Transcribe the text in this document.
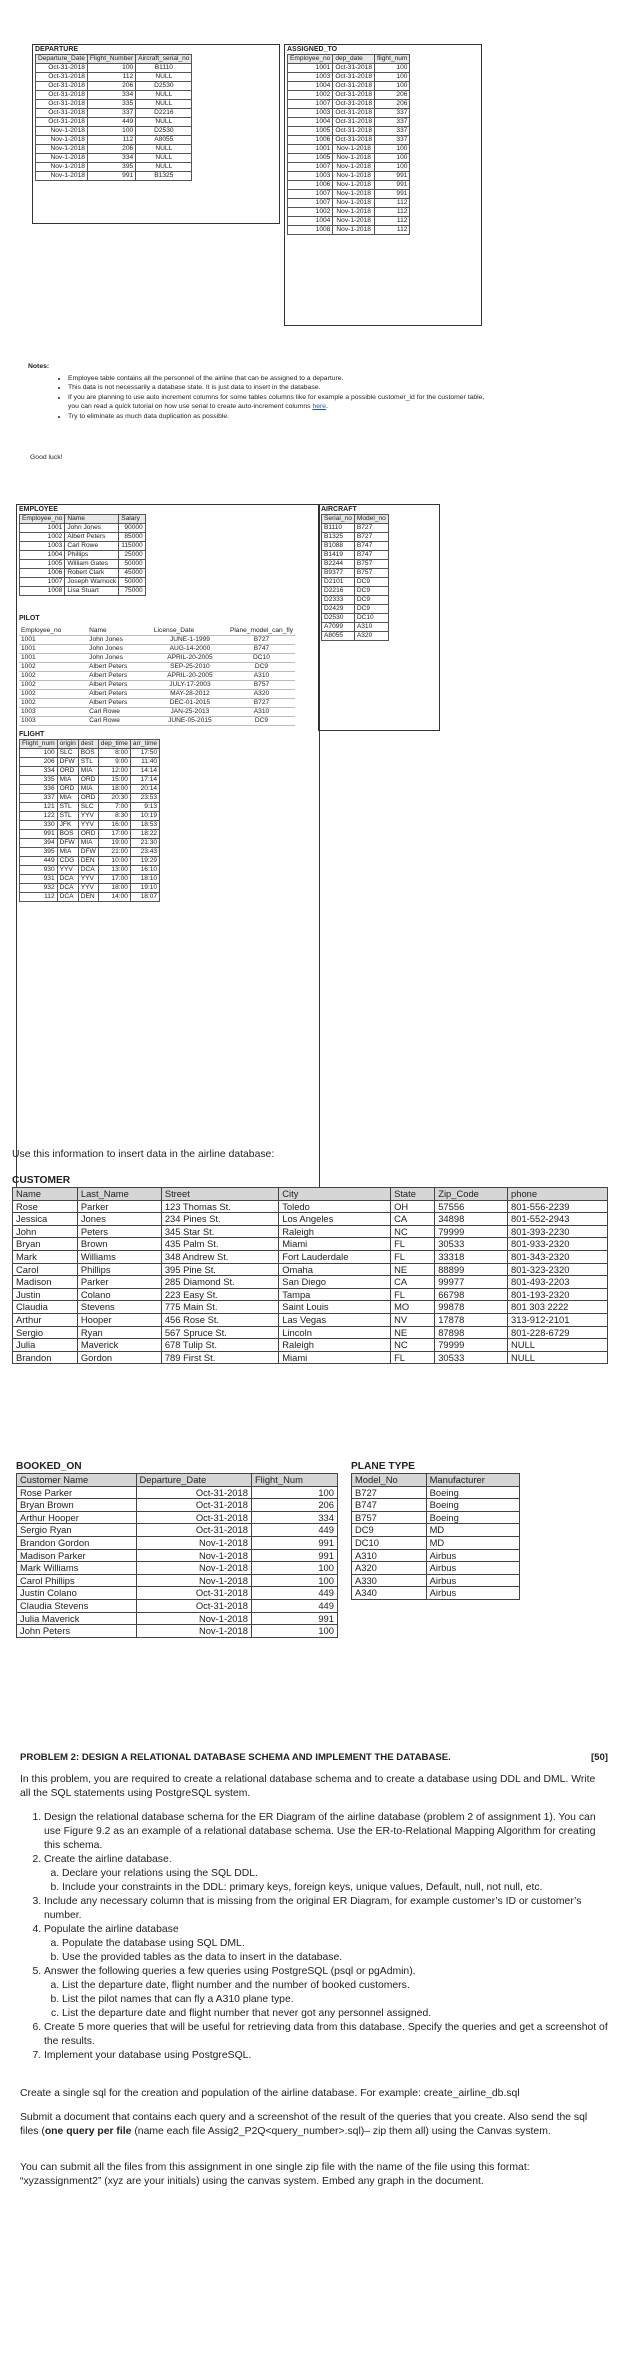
DEPARTURE
Departure_Date	Flight_Number	Aircraft_serial_no
Oct-31-2018	100	B1110
Oct-31-2018	112	NULL
Oct-31-2018	206	D2530
Oct-31-2018	334	NULL
Oct-31-2018	335	NULL
Oct-31-2018	337	D2216
Oct-31-2018	449	NULL
Nov-1-2018	100	D2530
Nov-1-2018	112	A8055
Nov-1-2018	206	NULL
Nov-1-2018	334	NULL
Nov-1-2018	395	NULL
Nov-1-2018	991	B1325
ASSIGNED_TO
Employee_no	dep_date	flight_num
1001	Oct-31-2018	100
1003	Oct-31-2018	100
1004	Oct-31-2018	100
1002	Oct-31-2018	206
1007	Oct-31-2018	206
1003	Oct-31-2018	337
1004	Oct-31-2018	337
1005	Oct-31-2018	337
1006	Oct-31-2018	337
1001	Nov-1-2018	100
1005	Nov-1-2018	100
1007	Nov-1-2018	100
1003	Nov-1-2018	991
1006	Nov-1-2018	991
1007	Nov-1-2018	991
1007	Nov-1-2018	112
1002	Nov-1-2018	112
1004	Nov-1-2018	112
1008	Nov-1-2018	112
Notes:
• Employee table contains all the personnel of the airline that can be assigned to a departure.
• This data is not necessarily a database state. It is just data to insert in the database.
• If you are planning to use auto increment columns for some tables columns like for example a possible customer_id for the customer table, you can read a quick tutorial on how use serial to create auto-increment columns here.
• Try to eliminate as much data duplication as possible.
Good luck!
EMPLOYEE
Employee_no	Name	Salary
1001	John Jones	90000
1002	Albert Peters	85000
1003	Carl Rowe	115000
1004	Phillips	25000
1005	William Gates	50000
1006	Robert Clark	45000
1007	Joseph Warnock	50000
1008	Lisa Stuart	75000
PILOT
Employee_no	Name	License_Date	Plane_model_can_fly
1001	John Jones	JUNE-1-1999	B727
1001	John Jones	AUG-14-2000	B747
1001	John Jones	APRIL-20-2005	DC10
1002	Albert Peters	SEP-25-2010	DC9
1002	Albert Peters	APRIL-20-2005	A310
1002	Albert Peters	JULY-17-2003	B757
1002	Albert Peters	MAY-28-2012	A320
1002	Albert Peters	DEC-01-2015	B727
1003	Carl Rowe	JAN-25-2013	A310
1003	Carl Rowe	JUNE-05-2015	DC9
FLIGHT
Flight_num	origin	dest	dep_time	arr_time
100	SLC	BOS	8:00	17:50
206	DFW	STL	9:00	11:40
334	ORD	MIA	12:00	14:14
335	MIA	ORD	15:00	17:14
336	ORD	MIA	18:00	20:14
337	MIA	ORD	20:30	23:53
121	STL	SLC	7:00	9:13
122	STL	YYV	8:30	10:19
330	JFK	YYV	16:00	18:53
991	BOS	ORD	17:00	18:22
394	DFW	MIA	19:00	21:30
395	MIA	DFW	21:00	23:43
449	CDG	DEN	10:00	19:29
930	YYV	DCA	13:00	16:10
931	DCA	YYV	17:00	18:10
932	DCA	YYV	18:00	19:10
112	DCA	DEN	14:00	18:07
AIRCRAFT
Serial_no	Model_no
B1110	B727
B1325	B727
B1088	B747
B1419	B747
B2244	B757
B9377	B757
D2101	DC9
D2216	DC9
D2333	DC9
D2429	DC9
D2530	DC10
A7099	A310
A8055	A320
Use this information to insert data in the airline database:
CUSTOMER
Name	Last_Name	Street	City	State	Zip_Code	phone
Rose	Parker	123 Thomas St.	Toledo	OH	57556	801-556-2239
Jessica	Jones	234 Pines St.	Los Angeles	CA	34898	801-552-2943
John	Peters	345 Star St.	Raleigh	NC	79999	801-393-2230
Bryan	Brown	435 Palm St.	Miami	FL	30533	801-933-2320
Mark	Williams	348 Andrew St.	Fort Lauderdale	FL	33318	801-343-2320
Carol	Phillips	395 Pine St.	Omaha	NE	88899	801-323-2320
Madison	Parker	285 Diamond St.	San Diego	CA	99977	801-493-2203
Justin	Colano	223 Easy St.	Tampa	FL	66798	801-193-2320
Claudia	Stevens	775 Main St.	Saint Louis	MO	99878	801 303 2222
Arthur	Hooper	456 Rose St.	Las Vegas	NV	17878	313-912-2101
Sergio	Ryan	567 Spruce St.	Lincoln	NE	87898	801-228-6729
Julia	Maverick	678 Tulip St.	Raleigh	NC	79999	NULL
Brandon	Gordon	789 First St.	Miami	FL	30533	NULL
BOOKED_ON
Customer Name	Departure_Date	Flight_Num
Rose Parker	Oct-31-2018	100
Bryan Brown	Oct-31-2018	206
Arthur Hooper	Oct-31-2018	334
Sergio Ryan	Oct-31-2018	449
Brandon Gordon	Nov-1-2018	991
Madison Parker	Nov-1-2018	991
Mark Williams	Nov-1-2018	100
Carol Phillips	Nov-1-2018	100
Justin Colano	Oct-31-2018	449
Claudia Stevens	Oct-31-2018	449
Julia Maverick	Nov-1-2018	991
John Peters	Nov-1-2018	100
PLANE TYPE
Model_No	Manufacturer
B727	Boeing
B747	Boeing
B757	Boeing
DC9	MD
DC10	MD
A310	Airbus
A320	Airbus
A330	Airbus
A340	Airbus
PROBLEM 2: DESIGN A RELATIONAL DATABASE SCHEMA AND IMPLEMENT THE DATABASE.	[50]
In this problem, you are required to create a relational database schema and to create a database using DDL and DML. Write all the SQL statements using PostgreSQL system.
1. Design the relational database schema for the ER Diagram of the airline database (problem 2 of assignment 1). You can use Figure 9.2 as an example of a relational database schema. Use the ER-to-Relational Mapping Algorithm for creating this schema.
2. Create the airline database.
a. Declare your relations using the SQL DDL.
b. Include your constraints in the DDL: primary keys, foreign keys, unique values, Default, null, not null, etc.
3. Include any necessary column that is missing from the original ER Diagram, for example customer’s ID or customer’s number.
4. Populate the airline database
a. Populate the database using SQL DML.
b. Use the provided tables as the data to insert in the database.
5. Answer the following queries a few queries using PostgreSQL (psql or pgAdmin).
a. List the departure date, flight number and the number of booked customers.
b. List the pilot names that can fly a A310 plane type.
c. List the departure date and flight number that never got any personnel assigned.
6. Create 5 more queries that will be useful for retrieving data from this database. Specify the queries and get a screenshot of the results.
7. Implement your database using PostgreSQL.
Create a single sql for the creation and population of the airline database. For example: create_airline_db.sql
Submit a document that contains each query and a screenshot of the result of the queries that you create. Also send the sql files (one query per file (name each file Assig2_P2Q<query_number>.sql)– zip them all) using the Canvas system.
You can submit all the files from this assignment in one single zip file with the name of the file using this format: “xyzassignment2” (xyz are your initials) using the canvas system. Embed any graph in the document.
